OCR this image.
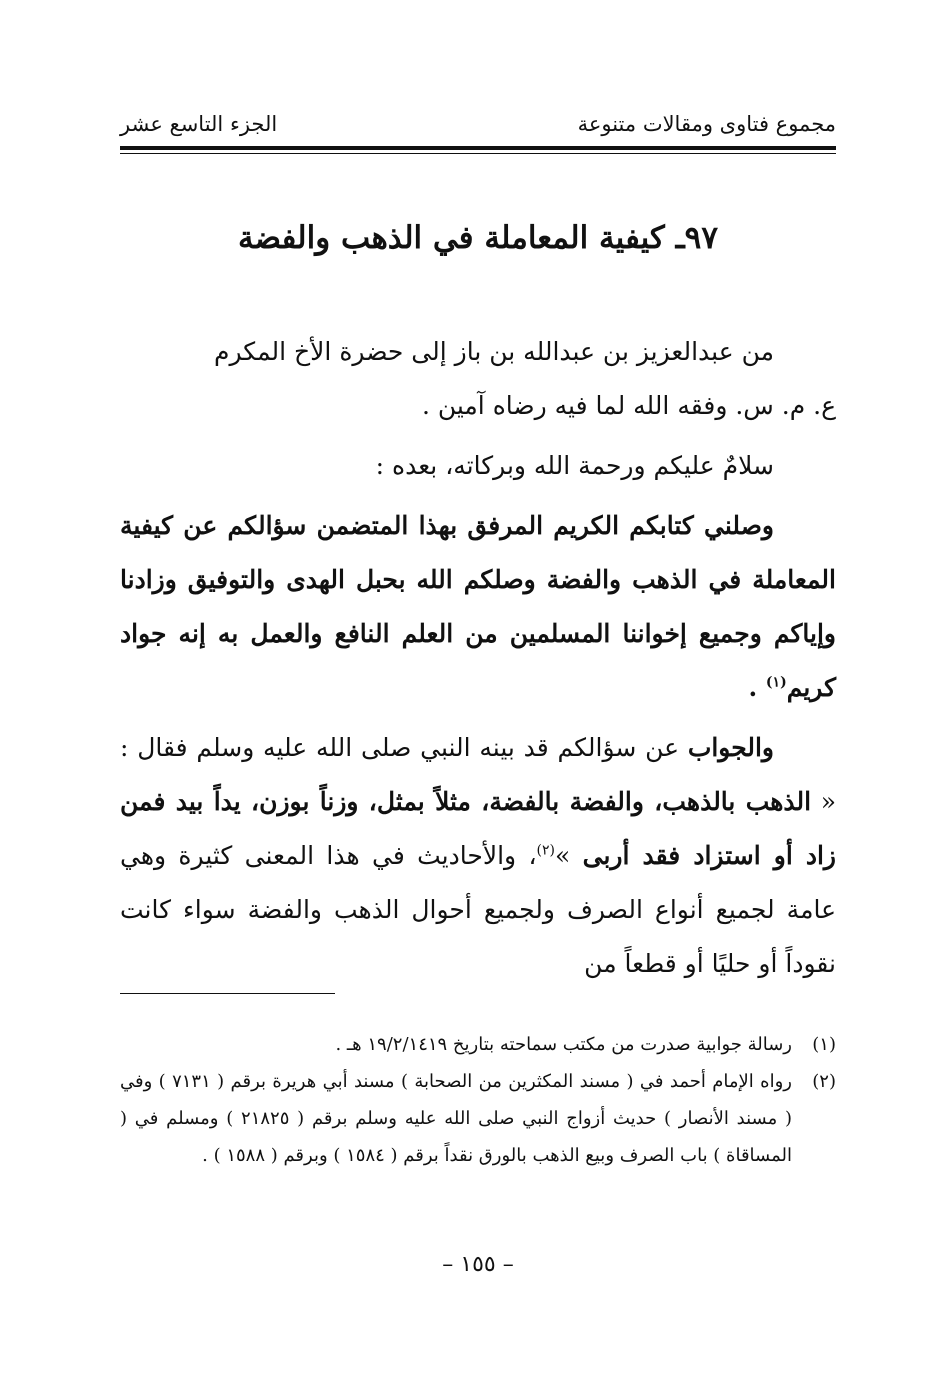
مجموع فتاوى ومقالات متنوعة
الجزء التاسع عشر
٩٧ـ كيفية المعاملة في الذهب والفضة

من عبدالعزيز بن عبدالله بن باز إلى حضرة الأخ المكرم

ع. م. س. وفقه الله لما فيه رضاه آمين .

سلامٌ عليكم ورحمة الله وبركاته، بعده :

وصلني كتابكم الكريم المرفق بهذا المتضمن سؤالكم عن كيفية المعاملة في الذهب والفضة وصلكم الله بحبل الهدى والتوفيق وزادنا وإياكم وجميع إخواننا المسلمين من العلم النافع والعمل به إنه جواد كريم$^{(١)}$ .

والجواب عن سؤالكم قد بينه النبي صلى الله عليه وسلم فقال : « الذهب بالذهب، والفضة بالفضة، مثلاً بمثل، وزناً بوزن، يداً بيد فمن زاد أو استزاد فقد أربى »$^{(٢)}$، والأحاديث في هذا المعنى كثيرة وهي عامة لجميع أنواع الصرف ولجميع أحوال الذهب والفضة سواء كانت نقوداً أو حليًا أو قطعاً من

(١)
رسالة جوابية صدرت من مكتب سماحته بتاريخ ١٩/٢/١٤١٩ هـ .
(٢)
رواه الإمام أحمد في ( مسند المكثرين من الصحابة ) مسند أبي هريرة برقم ( ٧١٣١ ) وفي ( مسند الأنصار ) حديث أزواج النبي صلى الله عليه وسلم برقم ( ٢١٨٢٥ ) ومسلم في ( المساقاة ) باب الصرف وبيع الذهب بالورق نقداً برقم ( ١٥٨٤ ) وبرقم ( ١٥٨٨ ) .
– ١٥٥ –
